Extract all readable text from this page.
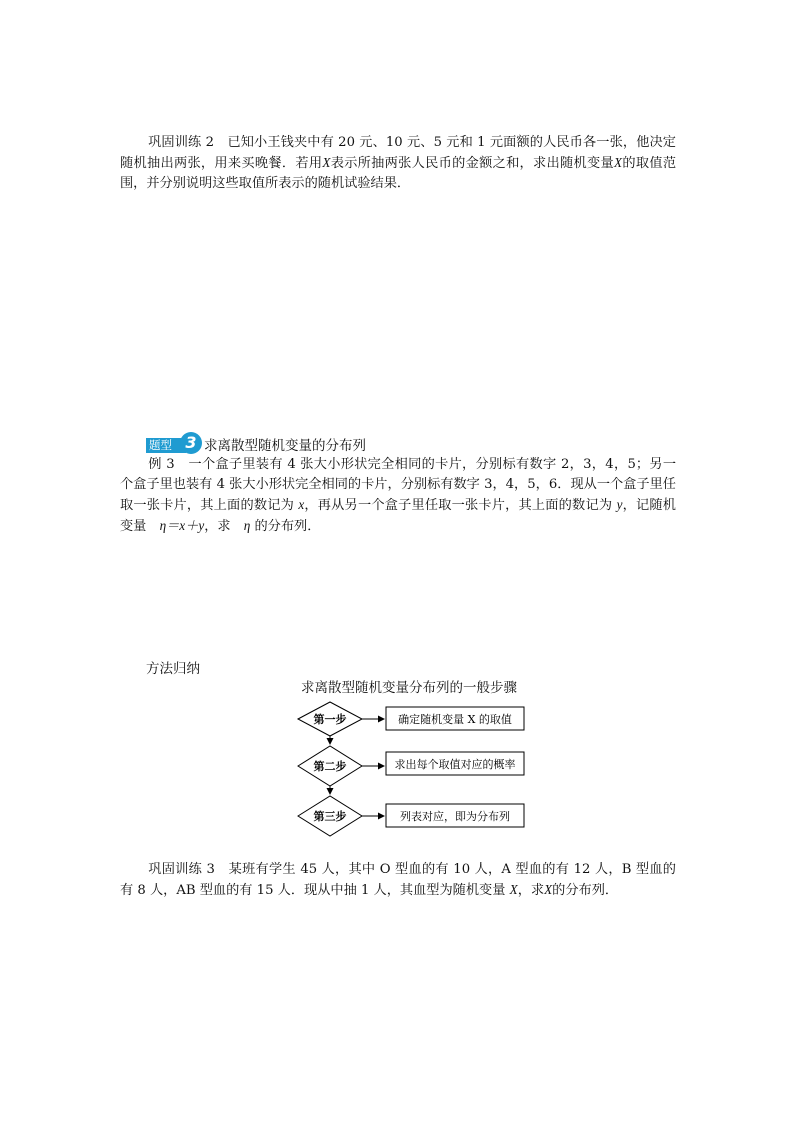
巩固训练 2　 已知小王钱夹中有 20 元、10 元、5 元和 1 元面额的人民币各一张，他决定随机抽出两张，用来买晚餐．若用X表示所抽两张人民币的金额之和，求出随机变量X的取值范围，并分别说明这些取值所表示的随机试验结果．
题型 3 求离散型随机变量的分布列
例 3　 一个盒子里装有 4 张大小形状完全相同的卡片，分别标有数字 2，3，4，5；另一个盒子里也装有 4 张大小形状完全相同的卡片，分别标有数字 3，4，5，6．现从一个盒子里任取一张卡片，其上面的数记为 x，再从另一个盒子里任取一张卡片，其上面的数记为 y，记随机变量　 η＝x＋y，求　 η 的分布列．
方法归纳
求离散型随机变量分布列的一般步骤
第一步	确定随机变量 X 的取值
第二步	求出每个取值对应的概率
第三步	列表对应，即为分布列
巩固训练 3　 某班有学生 45 人，其中 O 型血的有 10 人，A 型血的有 12 人，B 型血的有 8 人，AB 型血的有 15 人．现从中抽 1 人，其血型为随机变量 X，求X的分布列．
